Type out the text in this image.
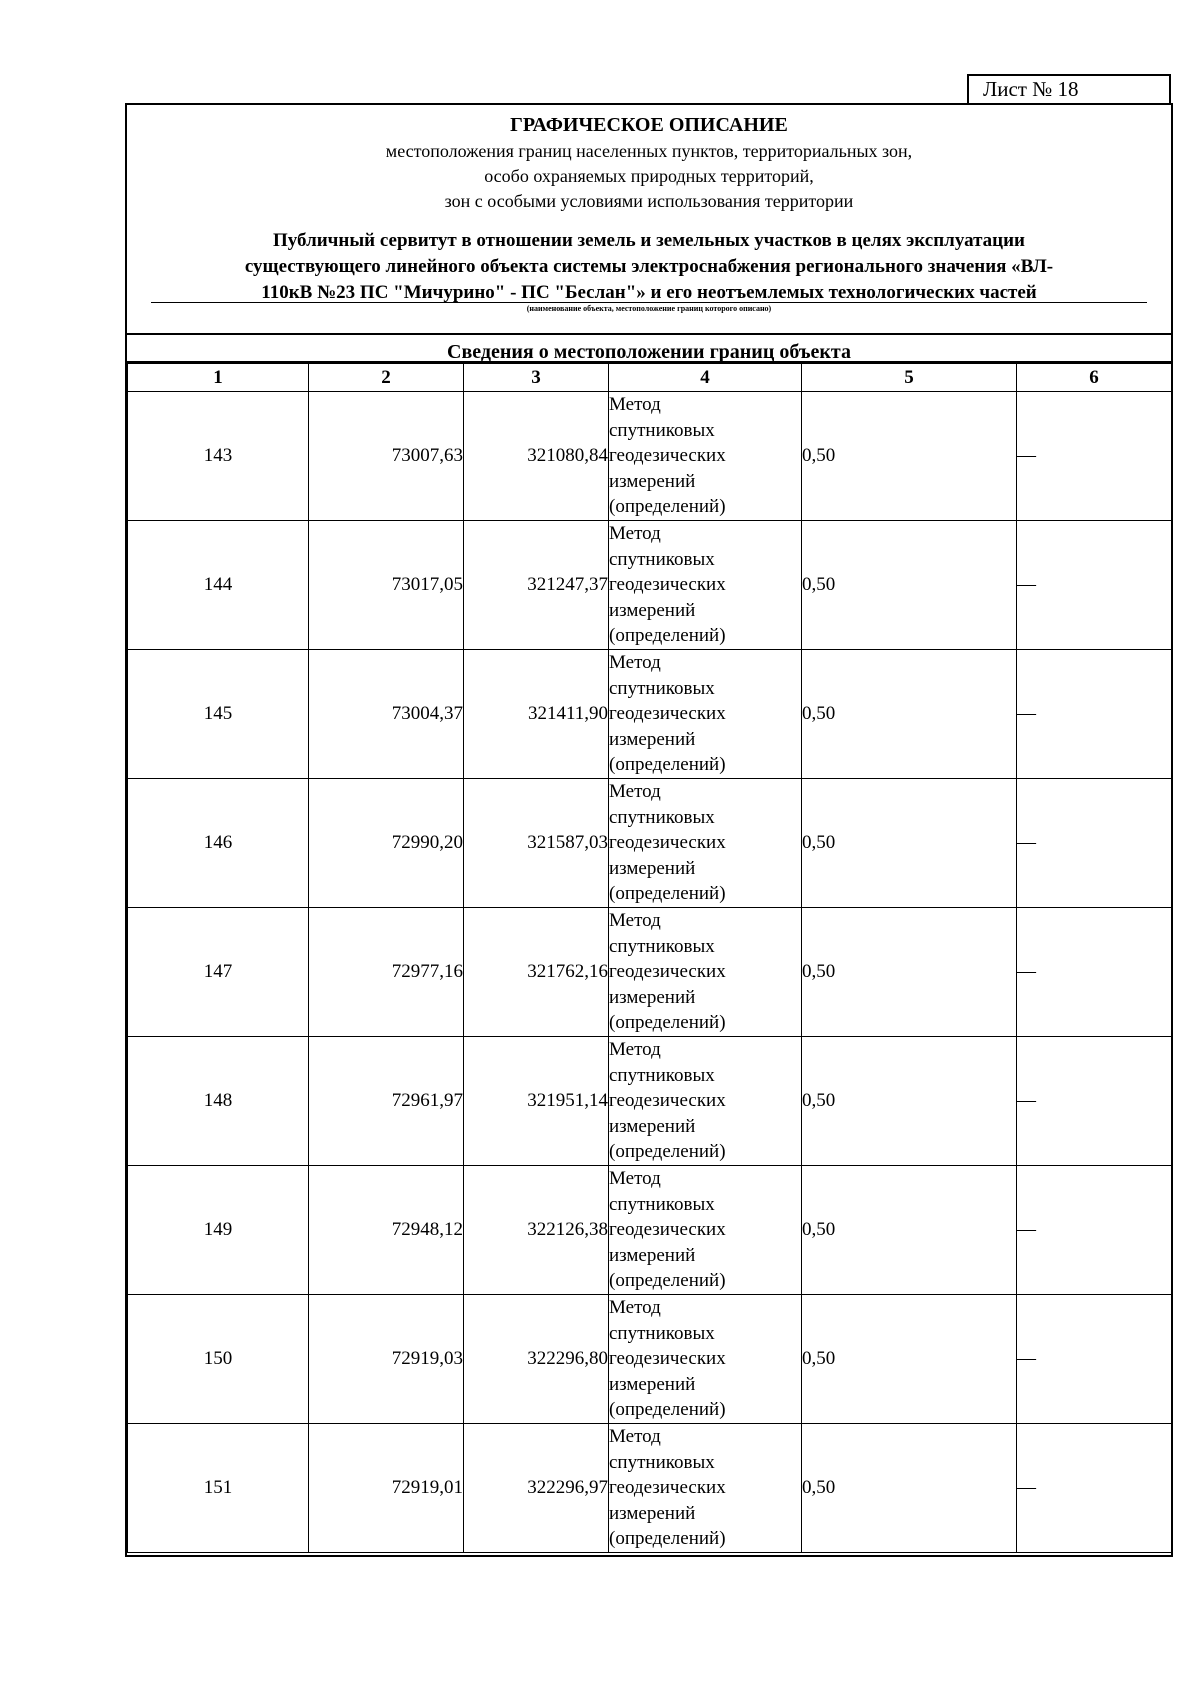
Лист № 18
ГРАФИЧЕСКОЕ ОПИСАНИЕ
местоположения границ населенных пунктов, территориальных зон,
особо охраняемых природных территорий,
зон с особыми условиями использования территории
Публичный сервитут в отношении земель и земельных участков в целях эксплуатации
существующего линейного объекта системы электроснабжения регионального значения «ВЛ-
110кВ №23 ПС "Мичурино" - ПС "Беслан"» и его неотъемлемых технологических частей
(наименование объекта, местоположение границ которого описано)
Сведения о местоположении границ объекта
1	2	3	4	5	6
143	73007,63	321080,84	Метод
спутниковых
геодезических
измерений
(определений)	0,50	—
144	73017,05	321247,37	Метод
спутниковых
геодезических
измерений
(определений)	0,50	—
145	73004,37	321411,90	Метод
спутниковых
геодезических
измерений
(определений)	0,50	—
146	72990,20	321587,03	Метод
спутниковых
геодезических
измерений
(определений)	0,50	—
147	72977,16	321762,16	Метод
спутниковых
геодезических
измерений
(определений)	0,50	—
148	72961,97	321951,14	Метод
спутниковых
геодезических
измерений
(определений)	0,50	—
149	72948,12	322126,38	Метод
спутниковых
геодезических
измерений
(определений)	0,50	—
150	72919,03	322296,80	Метод
спутниковых
геодезических
измерений
(определений)	0,50	—
151	72919,01	322296,97	Метод
спутниковых
геодезических
измерений
(определений)	0,50	—
